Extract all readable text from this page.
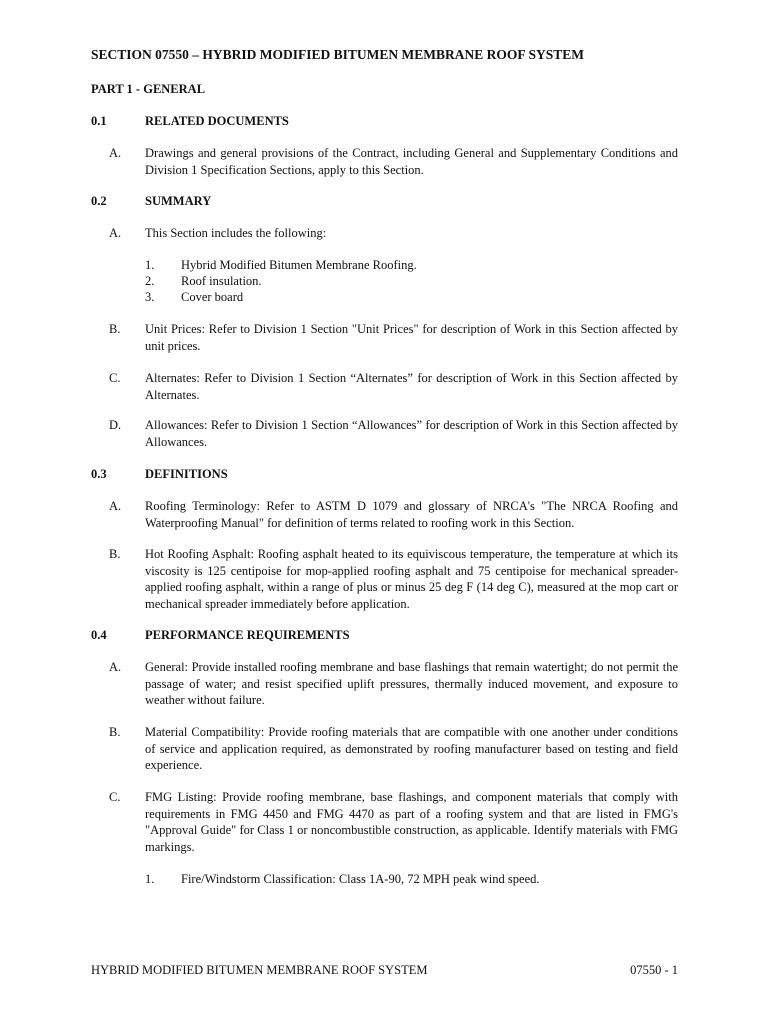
SECTION 07550 – HYBRID MODIFIED BITUMEN MEMBRANE ROOF SYSTEM
PART 1 - GENERAL
0.1	RELATED DOCUMENTS
A. Drawings and general provisions of the Contract, including General and Supplementary Conditions and Division 1 Specification Sections, apply to this Section.
0.2	SUMMARY
A. This Section includes the following:
1. Hybrid Modified Bitumen Membrane Roofing.
2. Roof insulation.
3. Cover board
B. Unit Prices: Refer to Division 1 Section "Unit Prices" for description of Work in this Section affected by unit prices.
C. Alternates: Refer to Division 1 Section “Alternates” for description of Work in this Section affected by Alternates.
D. Allowances: Refer to Division 1 Section “Allowances” for description of Work in this Section affected by Allowances.
0.3	DEFINITIONS
A. Roofing Terminology: Refer to ASTM D 1079 and glossary of NRCA's "The NRCA Roofing and Waterproofing Manual" for definition of terms related to roofing work in this Section.
B. Hot Roofing Asphalt: Roofing asphalt heated to its equiviscous temperature, the temperature at which its viscosity is 125 centipoise for mop-applied roofing asphalt and 75 centipoise for mechanical spreader-applied roofing asphalt, within a range of plus or minus 25 deg F (14 deg C), measured at the mop cart or mechanical spreader immediately before application.
0.4	PERFORMANCE REQUIREMENTS
A. General: Provide installed roofing membrane and base flashings that remain watertight; do not permit the passage of water; and resist specified uplift pressures, thermally induced movement, and exposure to weather without failure.
B. Material Compatibility: Provide roofing materials that are compatible with one another under conditions of service and application required, as demonstrated by roofing manufacturer based on testing and field experience.
C. FMG Listing: Provide roofing membrane, base flashings, and component materials that comply with requirements in FMG 4450 and FMG 4470 as part of a roofing system and that are listed in FMG's "Approval Guide" for Class 1 or noncombustible construction, as applicable. Identify materials with FMG markings.
1. Fire/Windstorm Classification: Class 1A-90, 72 MPH peak wind speed.
HYBRID MODIFIED BITUMEN MEMBRANE ROOF SYSTEM	07550 - 1
